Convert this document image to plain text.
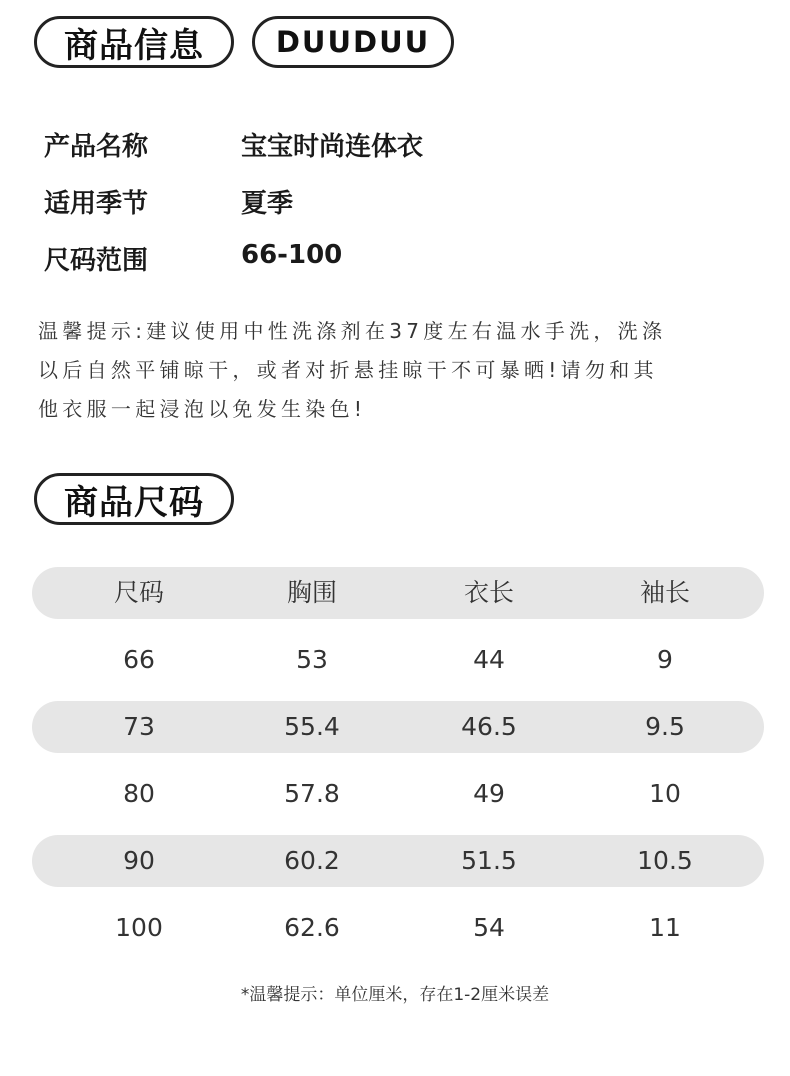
商品信息 DUUDUU
产品名称	宝宝时尚连体衣
适用季节	夏季
尺码范围	66-100
温馨提示:建议使用中性洗涤剂在37度左右温水手洗，洗涤
以后自然平铺晾干，或者对折悬挂晾干不可暴晒!请勿和其
他衣服一起浸泡以免发生染色!
商品尺码
尺码	胸围	衣长	袖长
66	53	44	9
73	55.4	46.5	9.5
80	57.8	49	10
90	60.2	51.5	10.5
100	62.6	54	11
*温馨提示：单位厘米，存在1-2厘米误差
